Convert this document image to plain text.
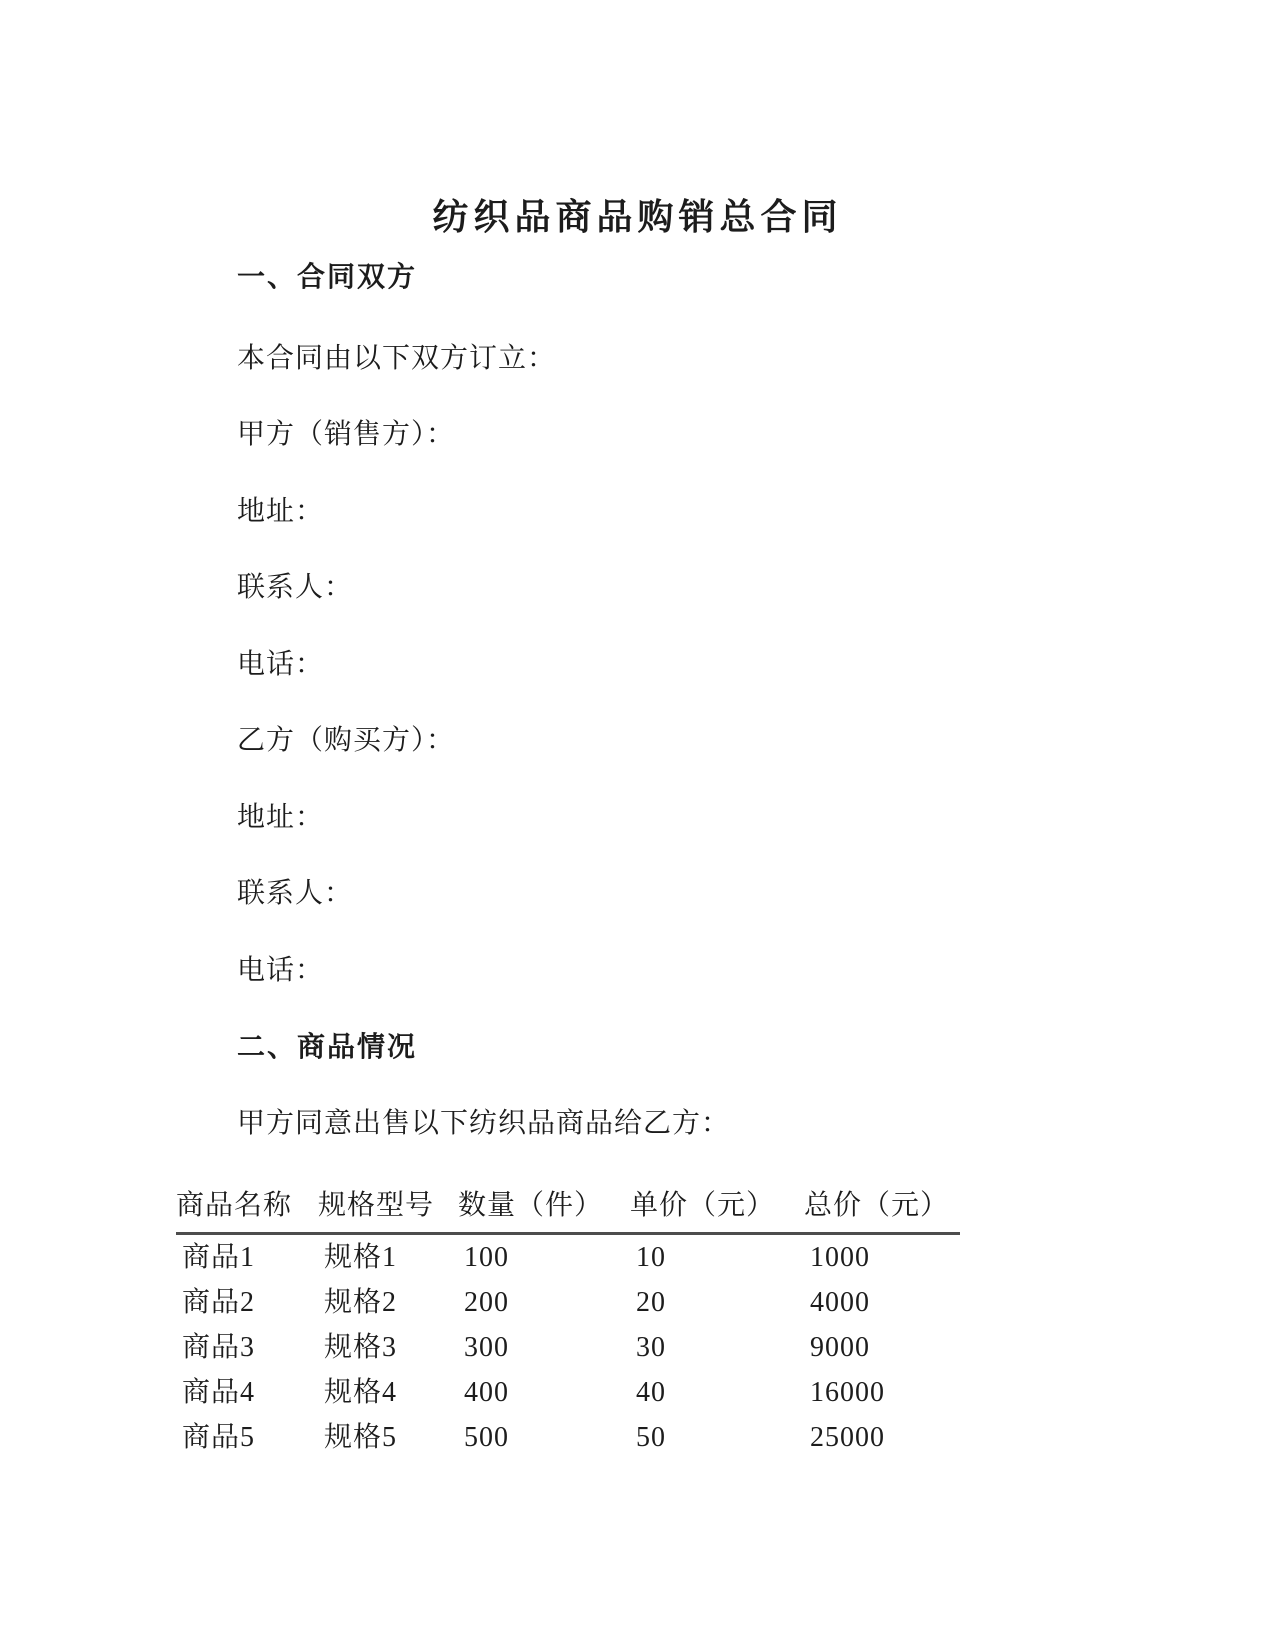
纺织品商品购销总合同
一、合同双方

本合同由以下双方订立：

甲方（销售方）：

地址：

联系人：

电话：

乙方（购买方）：

地址：

联系人：

电话：

二、商品情况

甲方同意出售以下纺织品商品给乙方：

商品名称	规格型号	数量（件）	单价（元）	总价（元）
商品1	规格1	100	10	1000
商品2	规格2	200	20	4000
商品3	规格3	300	30	9000
商品4	规格4	400	40	16000
商品5	规格5	500	50	25000
